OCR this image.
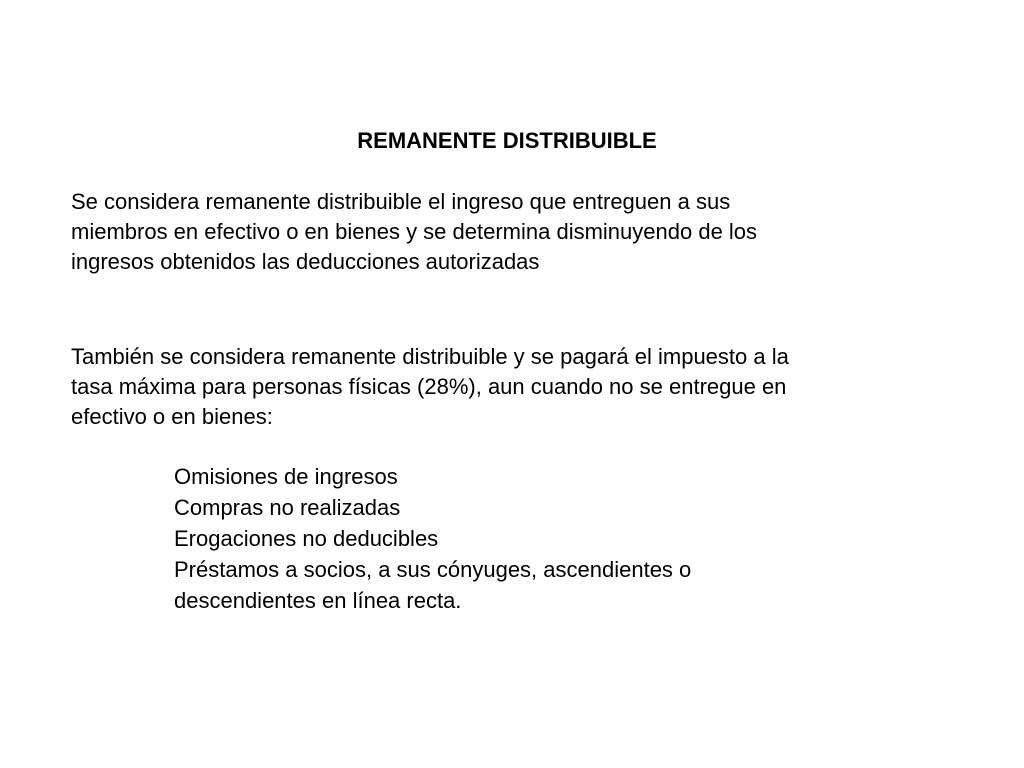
REMANENTE DISTRIBUIBLE

Se considera remanente distribuible el ingreso que entreguen a sus
miembros en efectivo o en bienes y se determina disminuyendo de los
ingresos obtenidos las deducciones autorizadas

También se considera remanente distribuible y se pagará el impuesto a la
tasa máxima para personas físicas (28%), aun cuando no se entregue en
efectivo o en bienes:

Omisiones de ingresos
Compras no realizadas
Erogaciones no deducibles
Préstamos a socios, a sus cónyuges, ascendientes o
descendientes en línea recta.
